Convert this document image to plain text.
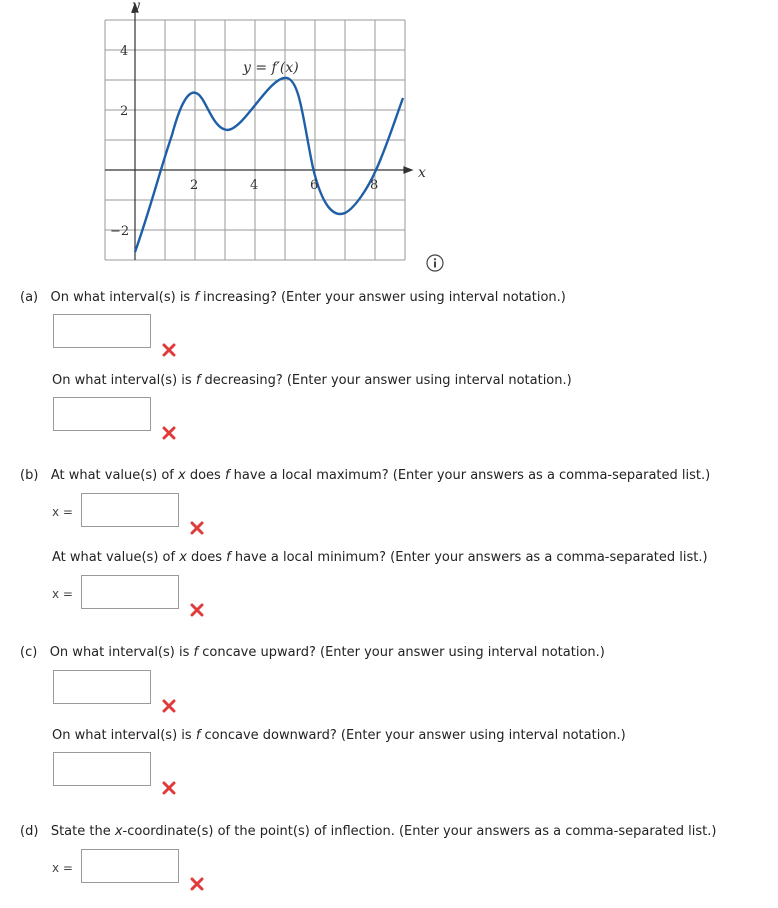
y
x
y = f′(x)
2	4	6	8
4
2
−2
(a) On what interval(s) is f increasing? (Enter your answer using interval notation.)
On what interval(s) is f decreasing? (Enter your answer using interval notation.)
(b) At what value(s) of x does f have a local maximum? (Enter your answers as a comma-separated list.)
x =
At what value(s) of x does f have a local minimum? (Enter your answers as a comma-separated list.)
x =
(c) On what interval(s) is f concave upward? (Enter your answer using interval notation.)
On what interval(s) is f concave downward? (Enter your answer using interval notation.)
(d) State the x-coordinate(s) of the point(s) of inflection. (Enter your answers as a comma-separated list.)
x =
